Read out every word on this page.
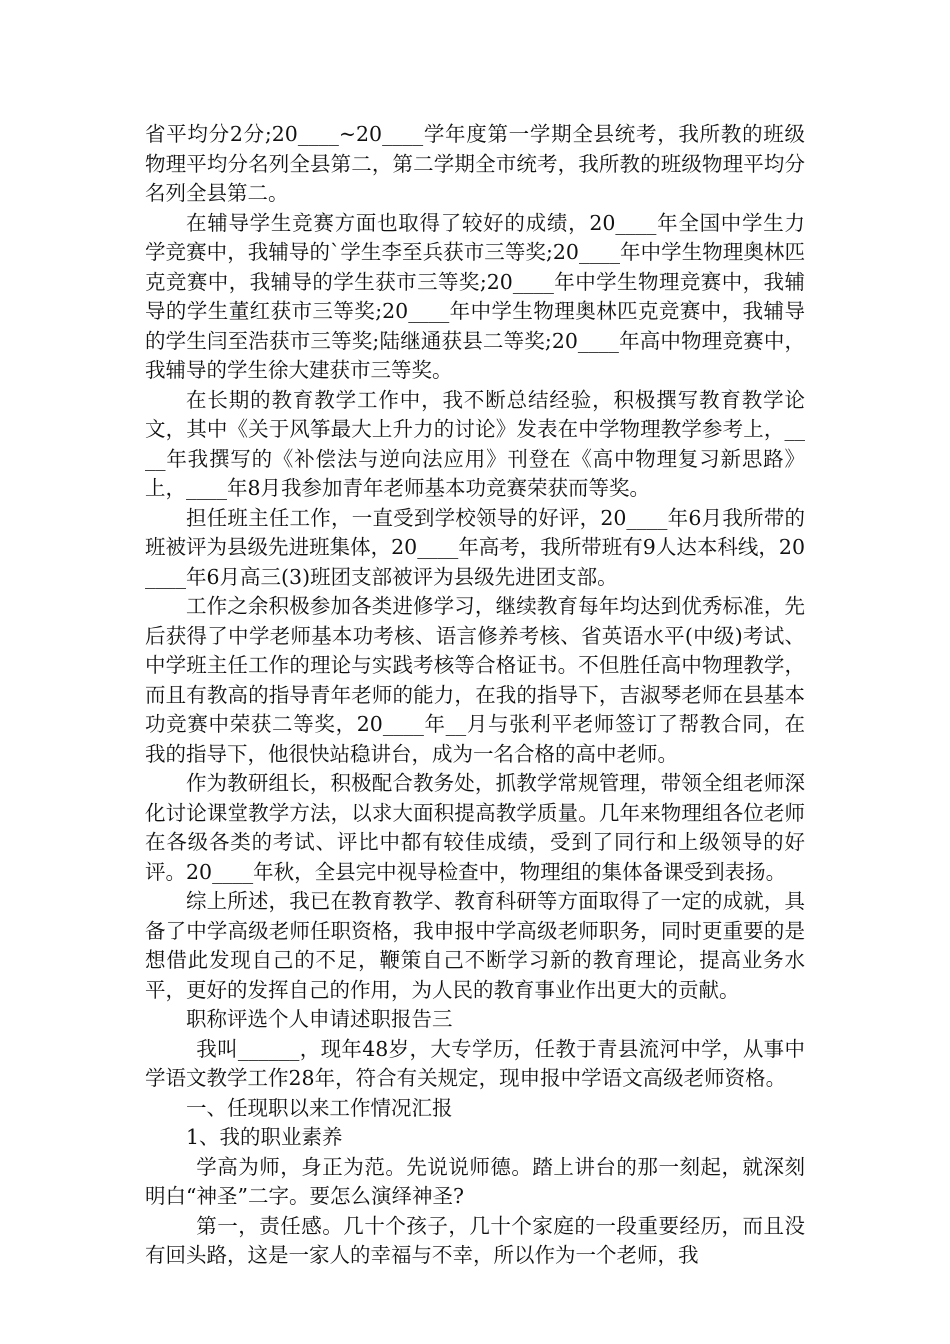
省平均分2分;20____~20____学年度第一学期全县统考，我所教的班级物理平均分名列全县第二，第二学期全市统考，我所教的班级物理平均分名列全县第二。

在辅导学生竞赛方面也取得了较好的成绩，20____年全国中学生力学竞赛中，我辅导的`学生李至兵获市三等奖;20____年中学生物理奥林匹克竞赛中，我辅导的学生获市三等奖;20____年中学生物理竞赛中，我辅导的学生董红获市三等奖;20____年中学生物理奥林匹克竞赛中，我辅导的学生闫至浩获市三等奖;陆继通获县二等奖;20____年高中物理竞赛中，我辅导的学生徐大建获市三等奖。

在长期的教育教学工作中，我不断总结经验，积极撰写教育教学论文，其中《关于风筝最大上升力的讨论》发表在中学物理教学参考上，____年我撰写的《补偿法与逆向法应用》刊登在《高中物理复习新思路》上，____年8月我参加青年老师基本功竞赛荣获而等奖。

担任班主任工作，一直受到学校领导的好评，20____年6月我所带的班被评为县级先进班集体，20____年高考，我所带班有9人达本科线，20____年6月高三(3)班团支部被评为县级先进团支部。

工作之余积极参加各类进修学习，继续教育每年均达到优秀标准，先后获得了中学老师基本功考核、语言修养考核、省英语水平(中级)考试、中学班主任工作的理论与实践考核等合格证书。不但胜任高中物理教学，而且有教高的指导青年老师的能力，在我的指导下，吉淑琴老师在县基本功竞赛中荣获二等奖，20____年__月与张利平老师签订了帮教合同，在我的指导下，他很快站稳讲台，成为一名合格的高中老师。

作为教研组长，积极配合教务处，抓教学常规管理，带领全组老师深化讨论课堂教学方法，以求大面积提高教学质量。几年来物理组各位老师在各级各类的考试、评比中都有较佳成绩，受到了同行和上级领导的好评。20____年秋，全县完中视导检查中，物理组的集体备课受到表扬。

综上所述，我已在教育教学、教育科研等方面取得了一定的成就，具备了中学高级老师任职资格，我申报中学高级老师职务，同时更重要的是想借此发现自己的不足，鞭策自己不断学习新的教育理论，提高业务水平，更好的发挥自己的作用，为人民的教育事业作出更大的贡献。

职称评选个人申请述职报告三

我叫______，现年48岁，大专学历，任教于青县流河中学，从事中学语文教学工作28年，符合有关规定，现申报中学语文高级老师资格。

一、任现职以来工作情况汇报

1、我的职业素养

学高为师，身正为范。先说说师德。踏上讲台的那一刻起，就深刻明白“神圣”二字。要怎么演绎神圣?

第一，责任感。几十个孩子，几十个家庭的一段重要经历，而且没有回头路，这是一家人的幸福与不幸，所以作为一个老师，我
